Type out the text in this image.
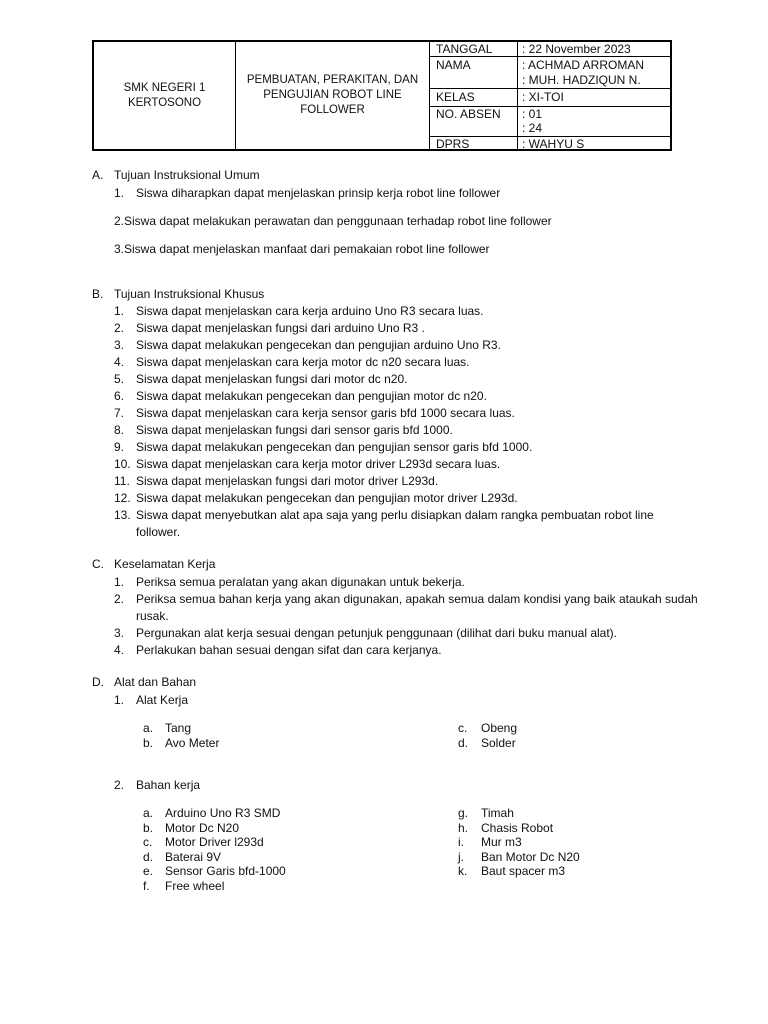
SMK NEGERI 1 KERTOSONO
PEMBUATAN, PERAKITAN, DAN PENGUJIAN ROBOT LINE FOLLOWER
TANGGAL : 22 November 2023
NAMA	: ACHMAD ARROMAN
: MUH. HADZIQUN N.
KELAS	: XI-TOI
NO. ABSEN : 01
: 24
DPRS	: WAHYU S
A. Tujuan Instruksional Umum
1. Siswa diharapkan dapat menjelaskan prinsip kerja robot line follower
2.Siswa dapat melakukan perawatan dan penggunaan terhadap robot line follower
3.Siswa dapat menjelaskan manfaat dari pemakaian robot line follower
B. Tujuan Instruksional Khusus
1. Siswa dapat menjelaskan cara kerja arduino Uno R3 secara luas.
2. Siswa dapat menjelaskan fungsi dari arduino Uno R3 .
3. Siswa dapat melakukan pengecekan dan pengujian arduino Uno R3.
4. Siswa dapat menjelaskan cara kerja motor dc n20 secara luas.
5. Siswa dapat menjelaskan fungsi dari motor dc n20.
6. Siswa dapat melakukan pengecekan dan pengujian motor dc n20.
7. Siswa dapat menjelaskan cara kerja sensor garis bfd 1000 secara luas.
8. Siswa dapat menjelaskan fungsi dari sensor garis bfd 1000.
9. Siswa dapat melakukan pengecekan dan pengujian sensor garis bfd 1000.
10. Siswa dapat menjelaskan cara kerja motor driver L293d secara luas.
11. Siswa dapat menjelaskan fungsi dari motor driver L293d.
12. Siswa dapat melakukan pengecekan dan pengujian motor driver L293d.
13. Siswa dapat menyebutkan alat apa saja yang perlu disiapkan dalam rangka pembuatan robot line
follower.
C. Keselamatan Kerja
1. Periksa semua peralatan yang akan digunakan untuk bekerja.
2. Periksa semua bahan kerja yang akan digunakan, apakah semua dalam kondisi yang baik ataukah sudah
rusak.
3. Pergunakan alat kerja sesuai dengan petunjuk penggunaan (dilihat dari buku manual alat).
4. Perlakukan bahan sesuai dengan sifat dan cara kerjanya.
D. Alat dan Bahan
1. Alat Kerja
a. Tang
b. Avo Meter
c. Obeng
d. Solder
2. Bahan kerja
a. Arduino Uno R3 SMD
b. Motor Dc N20
c. Motor Driver l293d
d. Baterai 9V
e. Sensor Garis bfd-1000
f. Free wheel
g. Timah
h. Chasis Robot
i. Mur m3
j. Ban Motor Dc N20
k. Baut spacer m3
